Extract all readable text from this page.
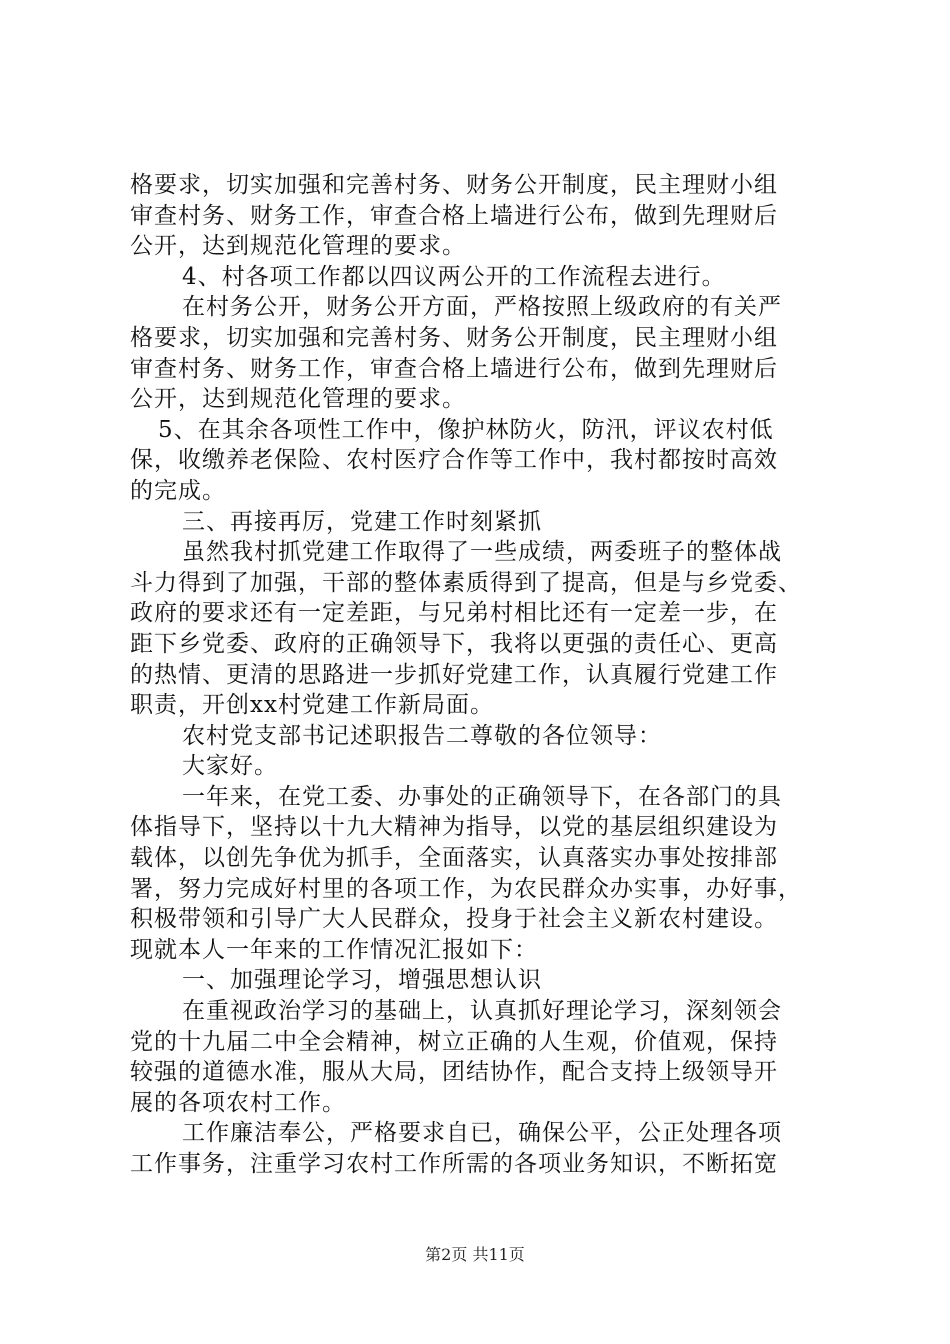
格要求，切实加强和完善村务、财务公开制度，民主理财小组
审查村务、财务工作，审查合格上墙进行公布，做到先理财后
公开，达到规范化管理的要求。
4、村各项工作都以四议两公开的工作流程去进行。
在村务公开，财务公开方面，严格按照上级政府的有关严
格要求，切实加强和完善村务、财务公开制度，民主理财小组
审查村务、财务工作，审查合格上墙进行公布，做到先理财后
公开，达到规范化管理的要求。
5、在其余各项性工作中，像护林防火，防汛，评议农村低
保，收缴养老保险、农村医疗合作等工作中，我村都按时高效
的完成。
三、再接再厉，党建工作时刻紧抓
虽然我村抓党建工作取得了一些成绩，两委班子的整体战
斗力得到了加强，干部的整体素质得到了提高，但是与乡党委、
政府的要求还有一定差距，与兄弟村相比还有一定差一步，在
距下乡党委、政府的正确领导下，我将以更强的责任心、更高
的热情、更清的思路进一步抓好党建工作，认真履行党建工作
职责，开创xx村党建工作新局面。
农村党支部书记述职报告二尊敬的各位领导：
大家好。
一年来，在党工委、办事处的正确领导下，在各部门的具
体指导下，坚持以十九大精神为指导，以党的基层组织建设为
载体，以创先争优为抓手，全面落实，认真落实办事处按排部
署，努力完成好村里的各项工作，为农民群众办实事，办好事，
积极带领和引导广大人民群众，投身于社会主义新农村建设。
现就本人一年来的工作情况汇报如下：
一、加强理论学习，增强思想认识
在重视政治学习的基础上，认真抓好理论学习，深刻领会
党的十九届二中全会精神，树立正确的人生观，价值观，保持
较强的道德水准，服从大局，团结协作，配合支持上级领导开
展的各项农村工作。
工作廉洁奉公，严格要求自已，确保公平，公正处理各项
工作事务，注重学习农村工作所需的各项业务知识，不断拓宽
第2页 共11页
